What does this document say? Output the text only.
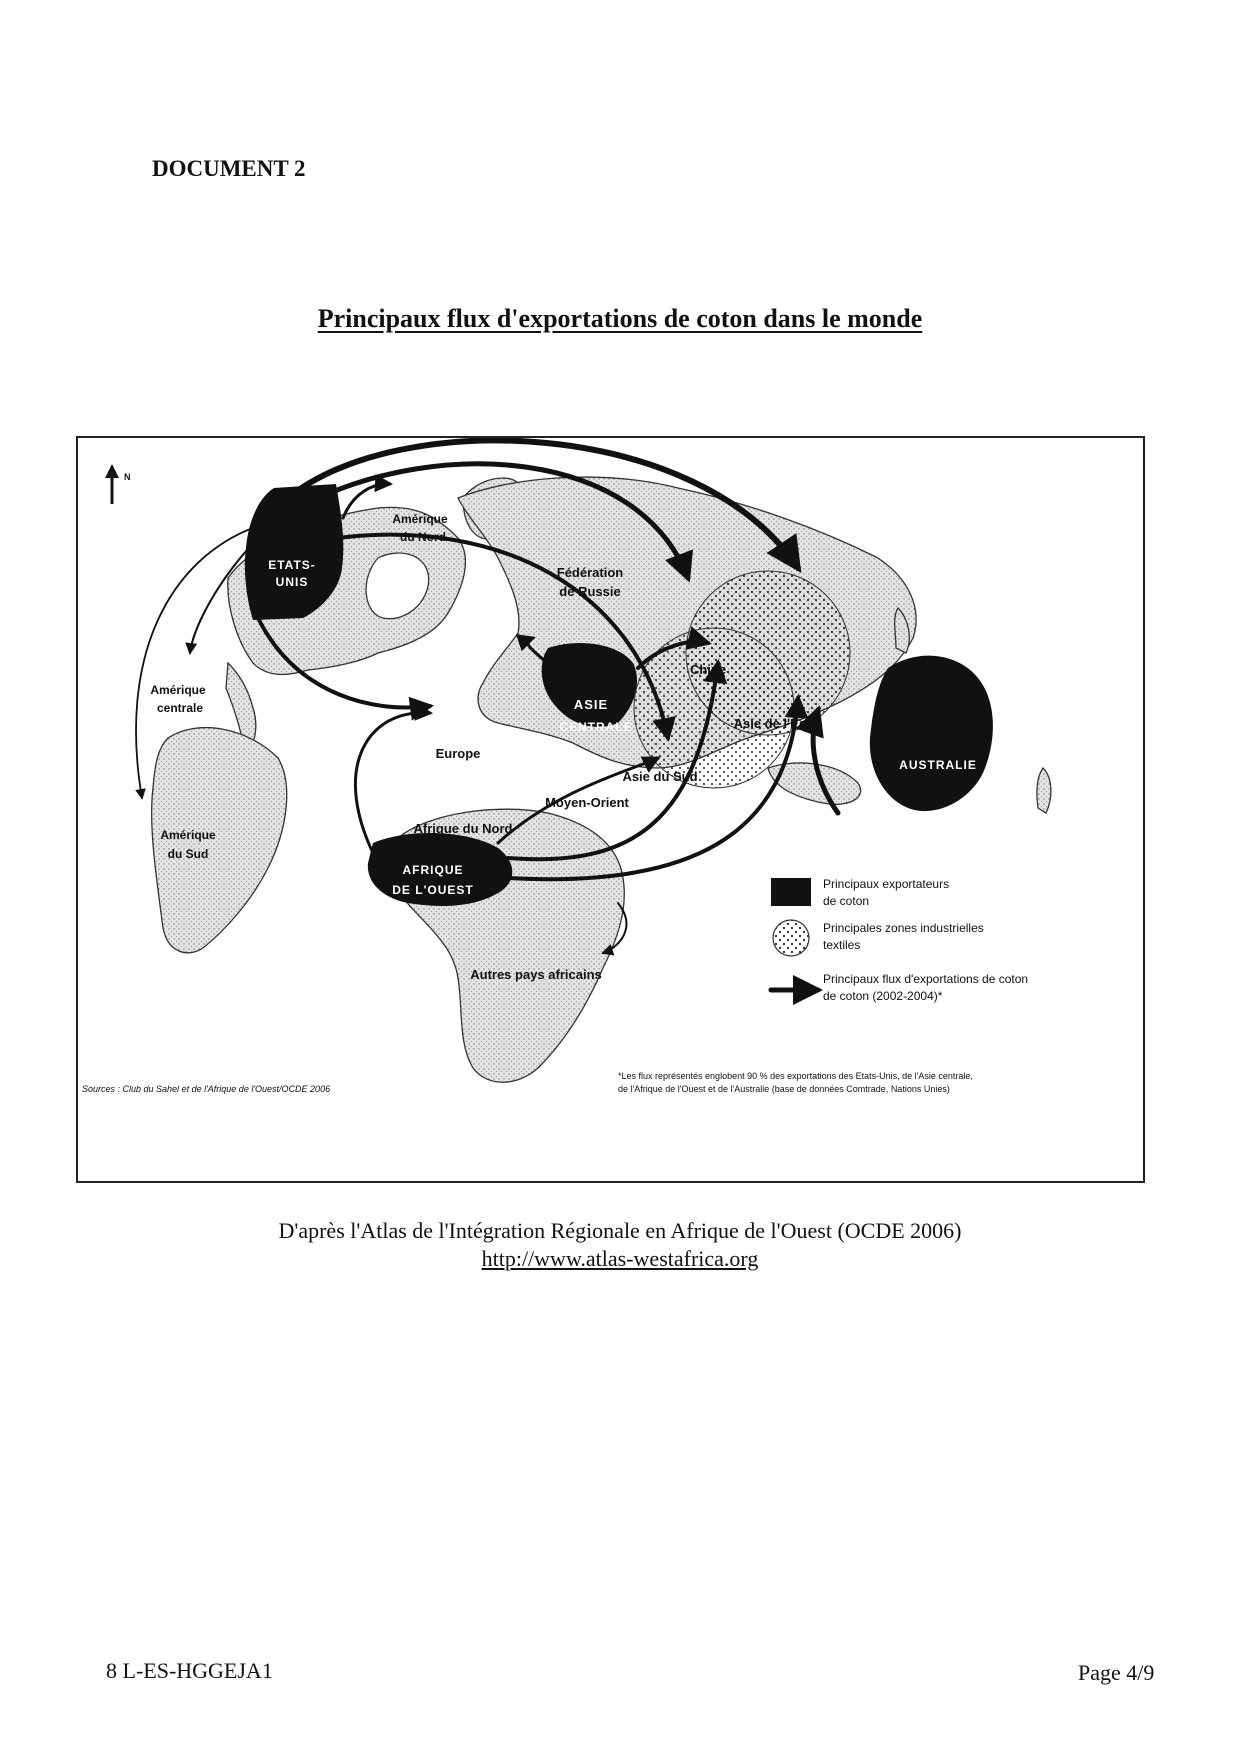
DOCUMENT 2
Principaux flux d'exportations de coton dans le monde
N
ETATS-
UNIS
Amérique
du Nord
Amérique
centrale
Amérique
du Sud
Fédération
de Russie
Chine
ASIE
CENTRALE	Asie de l'Est
Europe
Asie du Sud
Moyen-Orient
Afrique du Nord
AFRIQUE
DE L'OUEST
Autres pays africains
AUSTRALIE
Principaux exportateurs
de coton
Principales zones industrielles
textiles
Principaux flux d'exportations de coton
de coton (2002-2004)*
Sources : Club du Sahel et de l'Afrique de l'Ouest/OCDE 2006
*Les flux représentés englobent 90 % des exportations des Etats-Unis, de l'Asie centrale,
de l'Afrique de l'Ouest et de l'Australie (base de données Comtrade, Nations Unies)
D'après l'Atlas de l'Intégration Régionale en Afrique de l'Ouest (OCDE 2006)
http://www.atlas-westafrica.org
8 L-ES-HGGEJA1	Page 4/9
